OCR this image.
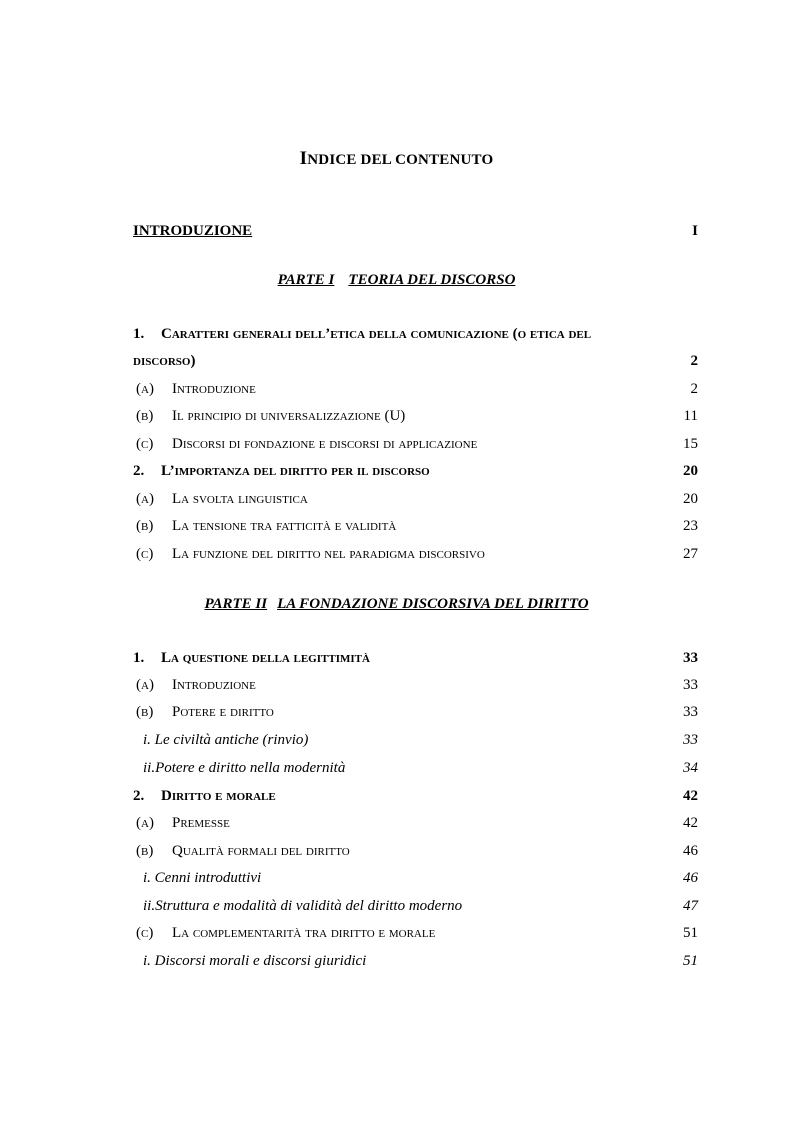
INDICE DEL CONTENUTO
INTRODUZIONE	I
PARTE I TEORIA DEL DISCORSO
1. Caratteri generali dell’etica della comunicazione (o etica del
discorso)	2
(a)	Introduzione	2
(b)	Il principio di universalizzazione (U)	11
(c)	Discorsi di fondazione e discorsi di applicazione	15
2.	L’importanza del diritto per il discorso	20
(a)	La svolta linguistica	20
(b)	La tensione tra fatticità e validità	23
(c)	La funzione del diritto nel paradigma discorsivo	27
PARTE II LA FONDAZIONE DISCORSIVA DEL DIRITTO
1.	La questione della legittimità	33
(a)	Introduzione	33
(b)	Potere e diritto	33
i. Le civiltà antiche (rinvio)	33
ii.Potere e diritto nella modernità	34
2.	Diritto e morale	42
(a)	Premesse	42
(b)	Qualità formali del diritto	46
i. Cenni introduttivi	46
ii.Struttura e modalità di validità del diritto moderno	47
(c)	La complementarità tra diritto e morale	51
i. Discorsi morali e discorsi giuridici	51
